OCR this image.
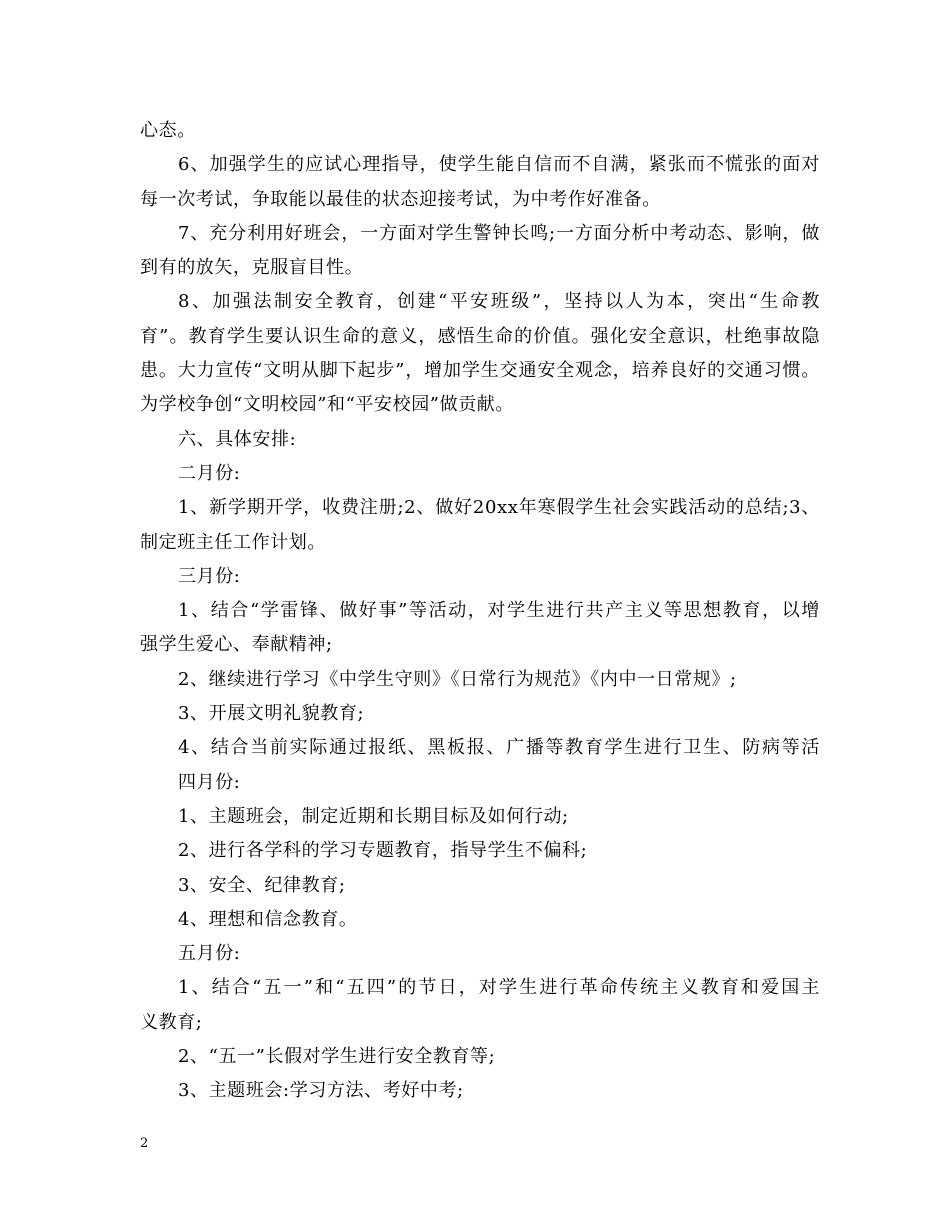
心态。
6、加强学生的应试心理指导，使学生能自信而不自满，紧张而不慌张的面对
每一次考试，争取能以最佳的状态迎接考试，为中考作好准备。
7、充分利用好班会，一方面对学生警钟长鸣;一方面分析中考动态、影响，做
到有的放矢，克服盲目性。
8、加强法制安全教育，创建“平安班级”，坚持以人为本，突出“生命教
育”。教育学生要认识生命的意义，感悟生命的价值。强化安全意识，杜绝事故隐
患。大力宣传“文明从脚下起步”，增加学生交通安全观念，培养良好的交通习惯。
为学校争创“文明校园”和“平安校园”做贡献。
六、具体安排:
二月份:
1、新学期开学，收费注册;2、做好20xx年寒假学生社会实践活动的总结;3、
制定班主任工作计划。
三月份:
1、结合“学雷锋、做好事”等活动，对学生进行共产主义等思想教育，以增
强学生爱心、奉献精神;
2、继续进行学习《中学生守则》《日常行为规范》《内中一日常规》;
3、开展文明礼貌教育;
4、结合当前实际通过报纸、黑板报、广播等教育学生进行卫生、防病等活
四月份:
1、主题班会，制定近期和长期目标及如何行动;
2、进行各学科的学习专题教育，指导学生不偏科;
3、安全、纪律教育;
4、理想和信念教育。
五月份:
1、结合“五一”和“五四”的节日，对学生进行革命传统主义教育和爱国主
义教育;
2、“五一”长假对学生进行安全教育等;
3、主题班会:学习方法、考好中考;
2
